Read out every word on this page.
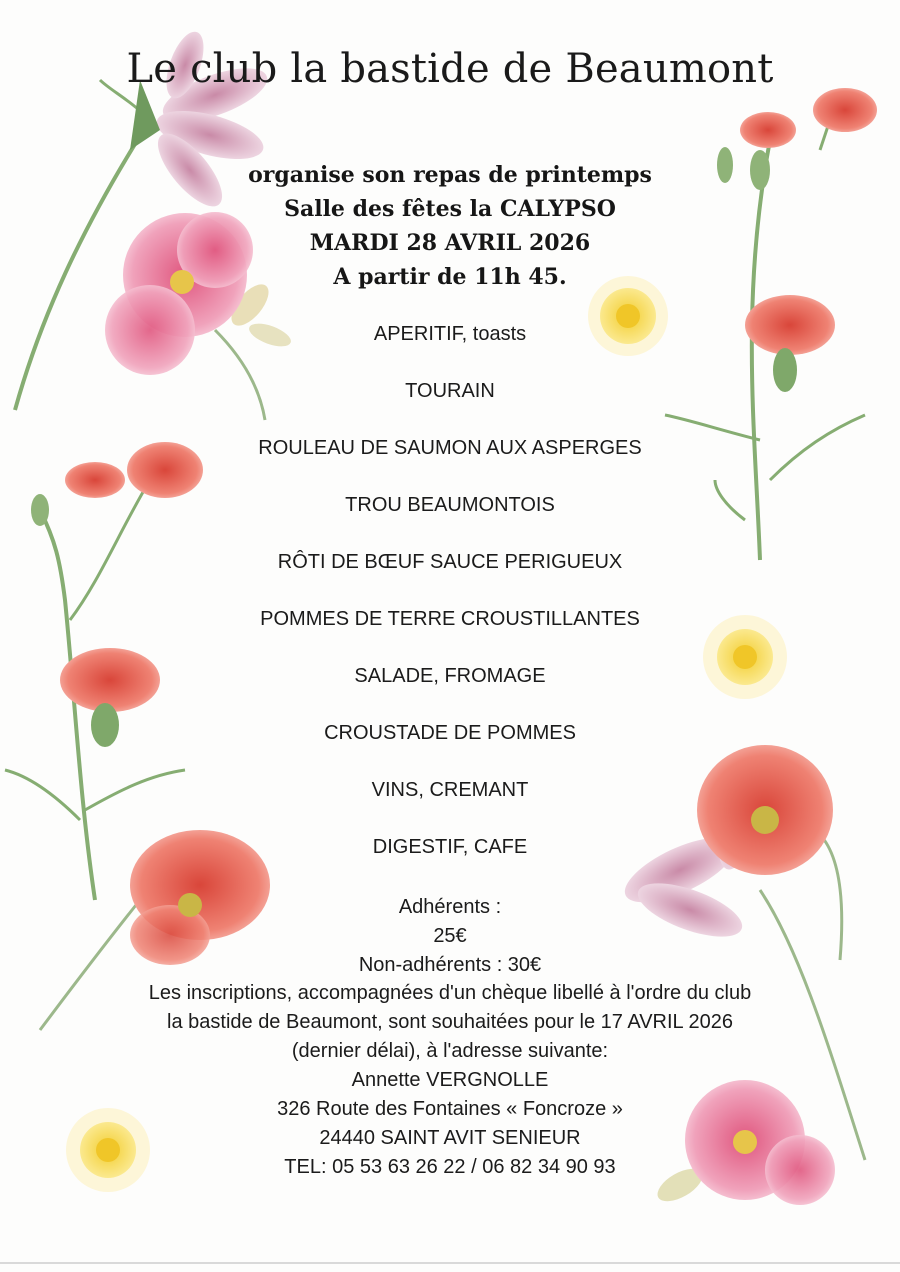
Le club la bastide de Beaumont
organise son repas de printemps
Salle des fêtes la CALYPSO
MARDI 28 AVRIL 2026
A partir de 11h 45.
APERITIF, toasts
TOURAIN
ROULEAU DE SAUMON AUX ASPERGES
TROU BEAUMONTOIS
RÔTI DE BŒUF SAUCE PERIGUEUX
POMMES DE TERRE CROUSTILLANTES
SALADE, FROMAGE
CROUSTADE DE POMMES
VINS, CREMANT
DIGESTIF, CAFE
Adhérents :
25€
Non-adhérents : 30€
Les inscriptions, accompagnées d'un chèque libellé à l'ordre du club
la bastide de Beaumont, sont souhaitées pour le 17 AVRIL 2026
(dernier délai), à l'adresse suivante:
Annette VERGNOLLE
326 Route des Fontaines « Foncroze »
24440 SAINT AVIT SENIEUR
TEL: 05 53 63 26 22 / 06 82 34 90 93
